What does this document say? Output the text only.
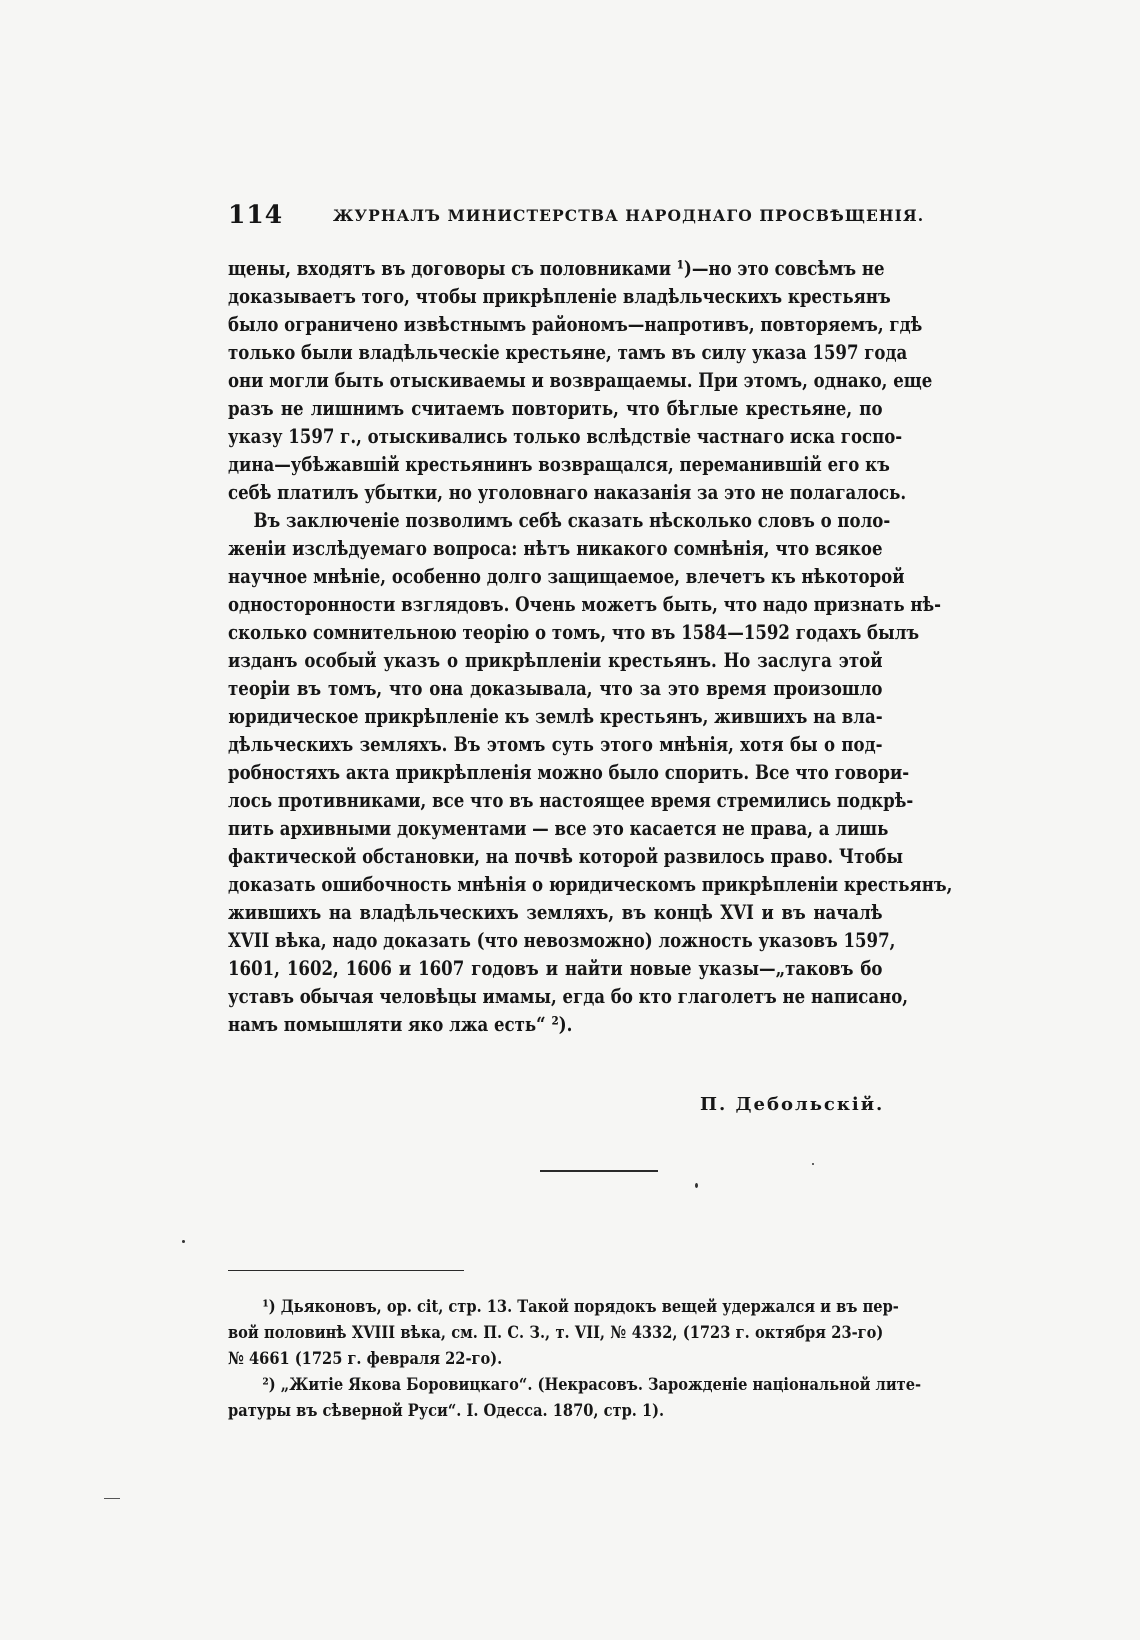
114	ЖУРНАЛЪ МИНИСТЕРСТВА НАРОДНАГО ПРОСВѢЩЕНІЯ.
щены, входятъ въ договоры съ половниками ¹)—но это совсѣмъ не
доказываетъ того, чтобы прикрѣпленіе владѣльческихъ крестьянъ
было ограничено извѣстнымъ райономъ—напротивъ, повторяемъ, гдѣ
только были владѣльческіе крестьяне, тамъ въ силу указа 1597 года
они могли быть отыскиваемы и возвращаемы. При этомъ, однако, еще
разъ не лишнимъ считаемъ повторить, что бѣглые крестьяне, по
указу 1597 г., отыскивались только вслѣдствіе частнаго иска госпо-
дина—убѣжавшій крестьянинъ возвращался, переманившій его къ
себѣ платилъ убытки, но уголовнаго наказанія за это не полагалось.
Въ заключеніе позволимъ себѣ сказать нѣсколько словъ о поло-
женіи изслѣдуемаго вопроса: нѣтъ никакого сомнѣнія, что всякое
научное мнѣніе, особенно долго защищаемое, влечетъ къ нѣкоторой
односторонности взглядовъ. Очень можетъ быть, что надо признать нѣ-
сколько сомнительною теорію о томъ, что въ 1584—1592 годахъ былъ
изданъ особый указъ о прикрѣпленіи крестьянъ. Но заслуга этой
теоріи въ томъ, что она доказывала, что за это время произошло
юридическое прикрѣпленіе къ землѣ крестьянъ, жившихъ на вла-
дѣльческихъ земляхъ. Въ этомъ суть этого мнѣнія, хотя бы о под-
робностяхъ акта прикрѣпленія можно было спорить. Все что говори-
лось противниками, все что въ настоящее время стремились подкрѣ-
пить архивными документами — все это касается не права, а лишь
фактической обстановки, на почвѣ которой развилось право. Чтобы
доказать ошибочность мнѣнія о юридическомъ прикрѣпленіи крестьянъ,
жившихъ на владѣльческихъ земляхъ, въ концѣ XVI и въ началѣ
XVII вѣка, надо доказать (что невозможно) ложность указовъ 1597,
1601, 1602, 1606 и 1607 годовъ и найти новые указы—„таковъ бо
уставъ обычая человѣцы имамы, егда бо кто глаголетъ не написано,
намъ помышляти яко лжа есть“ ²).
П. Дебольскій.
¹) Дьяконовъ, op. cit, стр. 13. Такой порядокъ вещей удержался и въ пер-
вой половинѣ XVIII вѣка, см. П. С. З., т. VII, № 4332, (1723 г. октября 23-го)
№ 4661 (1725 г. февраля 22-го).
²) „Житіе Якова Боровицкаго“. (Некрасовъ. Зарожденіе національной лите-
ратуры въ сѣверной Руси“. I. Одесса. 1870, стр. 1).
